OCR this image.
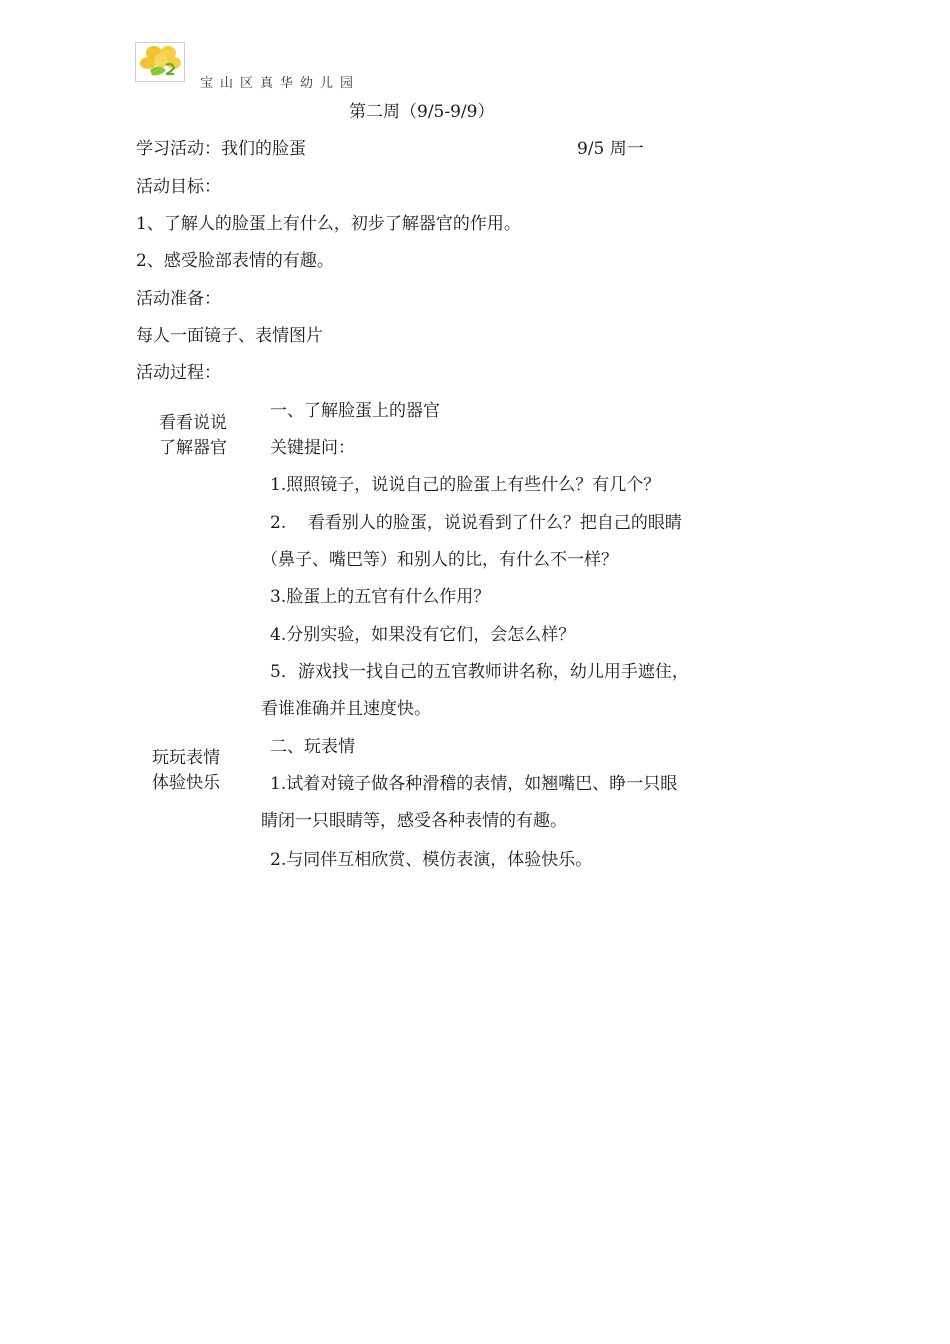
宝山区真华幼儿园
第二周（9/5-9/9）
学习活动：我们的脸蛋	9/5 周一
活动目标：
1、了解人的脸蛋上有什么，初步了解器官的作用。
2、感受脸部表情的有趣。
活动准备：
每人一面镜子、表情图片
活动过程：
看看说说
了解器官
一、了解脸蛋上的器官
关键提问：
1.照照镜子，说说自己的脸蛋上有些什么？有几个？
2.    看看别人的脸蛋，说说看到了什么？把自己的眼睛
（鼻子、嘴巴等）和别人的比，有什么不一样？
3.脸蛋上的五官有什么作用？
4.分别实验，如果没有它们，会怎么样？
5．游戏找一找自己的五官教师讲名称，幼儿用手遮住，
看谁准确并且速度快。
玩玩表情
体验快乐
二、玩表情
1.试着对镜子做各种滑稽的表情，如翘嘴巴、睁一只眼
睛闭一只眼睛等，感受各种表情的有趣。
2.与同伴互相欣赏、模仿表演，体验快乐。
